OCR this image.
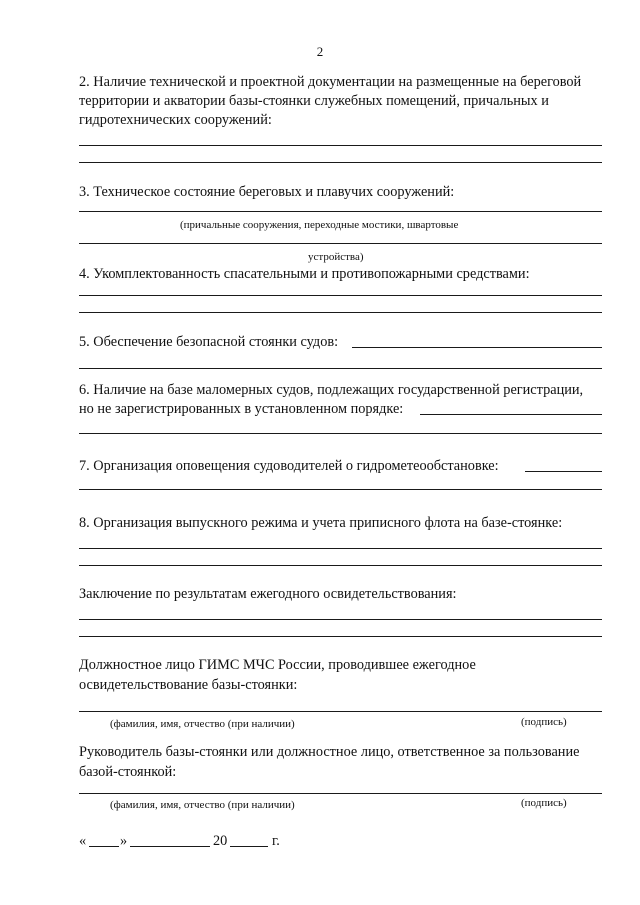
2
2. Наличие технической и проектной документации на размещенные на береговой
территории и акватории базы-стоянки служебных помещений, причальных и
гидротехнических сооружений:
3. Техническое состояние береговых и плавучих сооружений:
(причальные сооружения, переходные мостики, швартовые
устройства)
4. Укомплектованность спасательными и противопожарными средствами:
5. Обеспечение безопасной стоянки судов:
6. Наличие на базе маломерных судов, подлежащих государственной регистрации,
но не зарегистрированных в установленном порядке:
7. Организация оповещения судоводителей о гидрометеообстановке:
8. Организация выпускного режима и учета приписного флота на базе-стоянке:
Заключение по результатам ежегодного освидетельствования:
Должностное лицо ГИМС МЧС России, проводившее ежегодное
освидетельствование базы-стоянки:
(фамилия, имя, отчество (при наличии)	(подпись)
Руководитель базы-стоянки или должностное лицо, ответственное за пользование
базой-стоянкой:
(фамилия, имя, отчество (при наличии)	(подпись)
« »	20	г.
